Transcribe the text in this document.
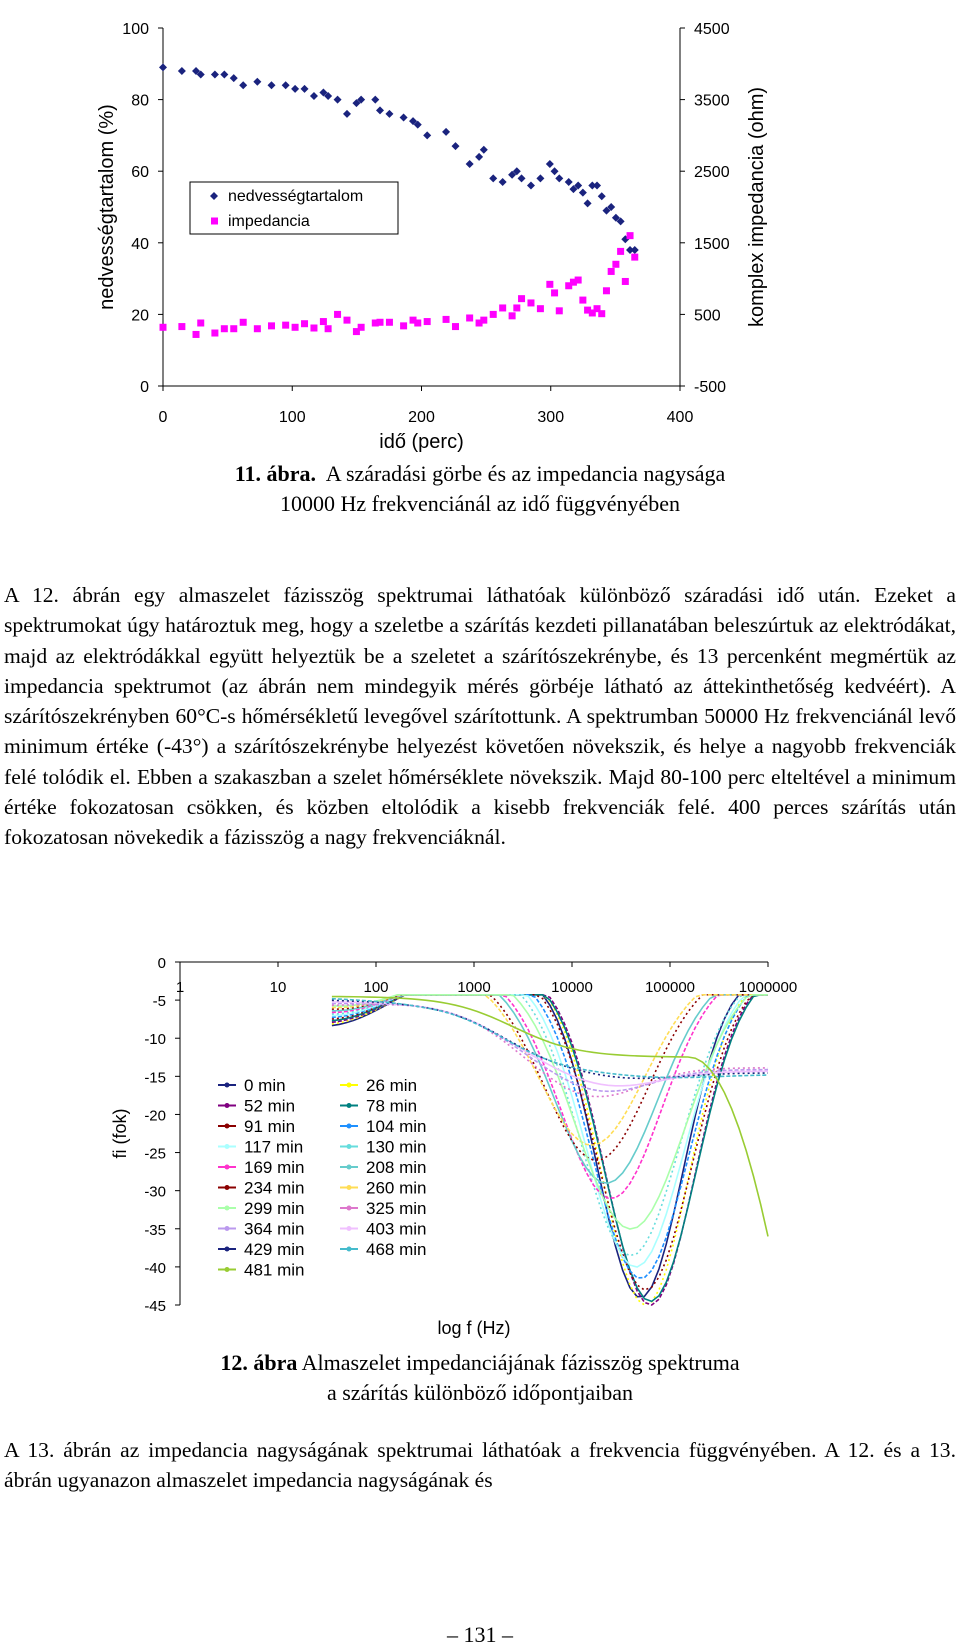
0
20
40
60
80
100
-500
500
1500
2500
3500
4500
0	100	200	300	400
idő (perc)
nedvességtartalom (%)	komplex impedancia (ohm)
nedvességtartalom
impedancia
11. ábra. A száradási görbe és az impedancia nagysága
10000 Hz frekvenciánál az idő függvényében
A 12. ábrán egy almaszelet fázisszög spektrumai láthatóak különböző száradási idő után. Ezeket a spektrumokat úgy határoztuk meg, hogy a szeletbe a szárítás kezdeti pillanatában beleszúrtuk az elektródákat, majd az elektródákkal együtt helyeztük be a szeletet a szárítószekrénybe, és 13 percenként megmértük az impedancia spektrumot (az ábrán nem mindegyik mérés görbéje látható az áttekinthetőség kedvéért). A szárítószekrényben 60°C-s hőmérsékletű levegővel szárítottunk. A spektrumban 50000 Hz frekvenciánál levő minimum értéke (-43°) a szárítószekrénybe helyezést követően növekszik, és helye a nagyobb frekvenciák felé tolódik el. Ebben a szakaszban a szelet hőmérséklete növekszik. Majd 80-100 perc elteltével a minimum értéke fokozatosan csökken, és közben eltolódik a kisebb frekvenciák felé. 400 perces szárítás után fokozatosan növekedik a fázisszög a nagy frekvenciáknál.
0
-5
-10
-15
-20
-25
-30
-35
-40
-45
1	10	100	1000	10000	100000	1000000
log f (Hz)
fi (fok)
0 min	26 min
52 min	78 min
91 min	104 min
117 min	130 min
169 min	208 min
234 min	260 min
299 min	325 min
364 min	403 min
429 min	468 min
481 min
12. ábra Almaszelet impedanciájának fázisszög spektruma
a szárítás különböző időpontjaiban
A 13. ábrán az impedancia nagyságának spektrumai láthatóak a frekvencia függvényében. A 12. és a 13. ábrán ugyanazon almaszelet impedancia nagyságának és
– 131 –
